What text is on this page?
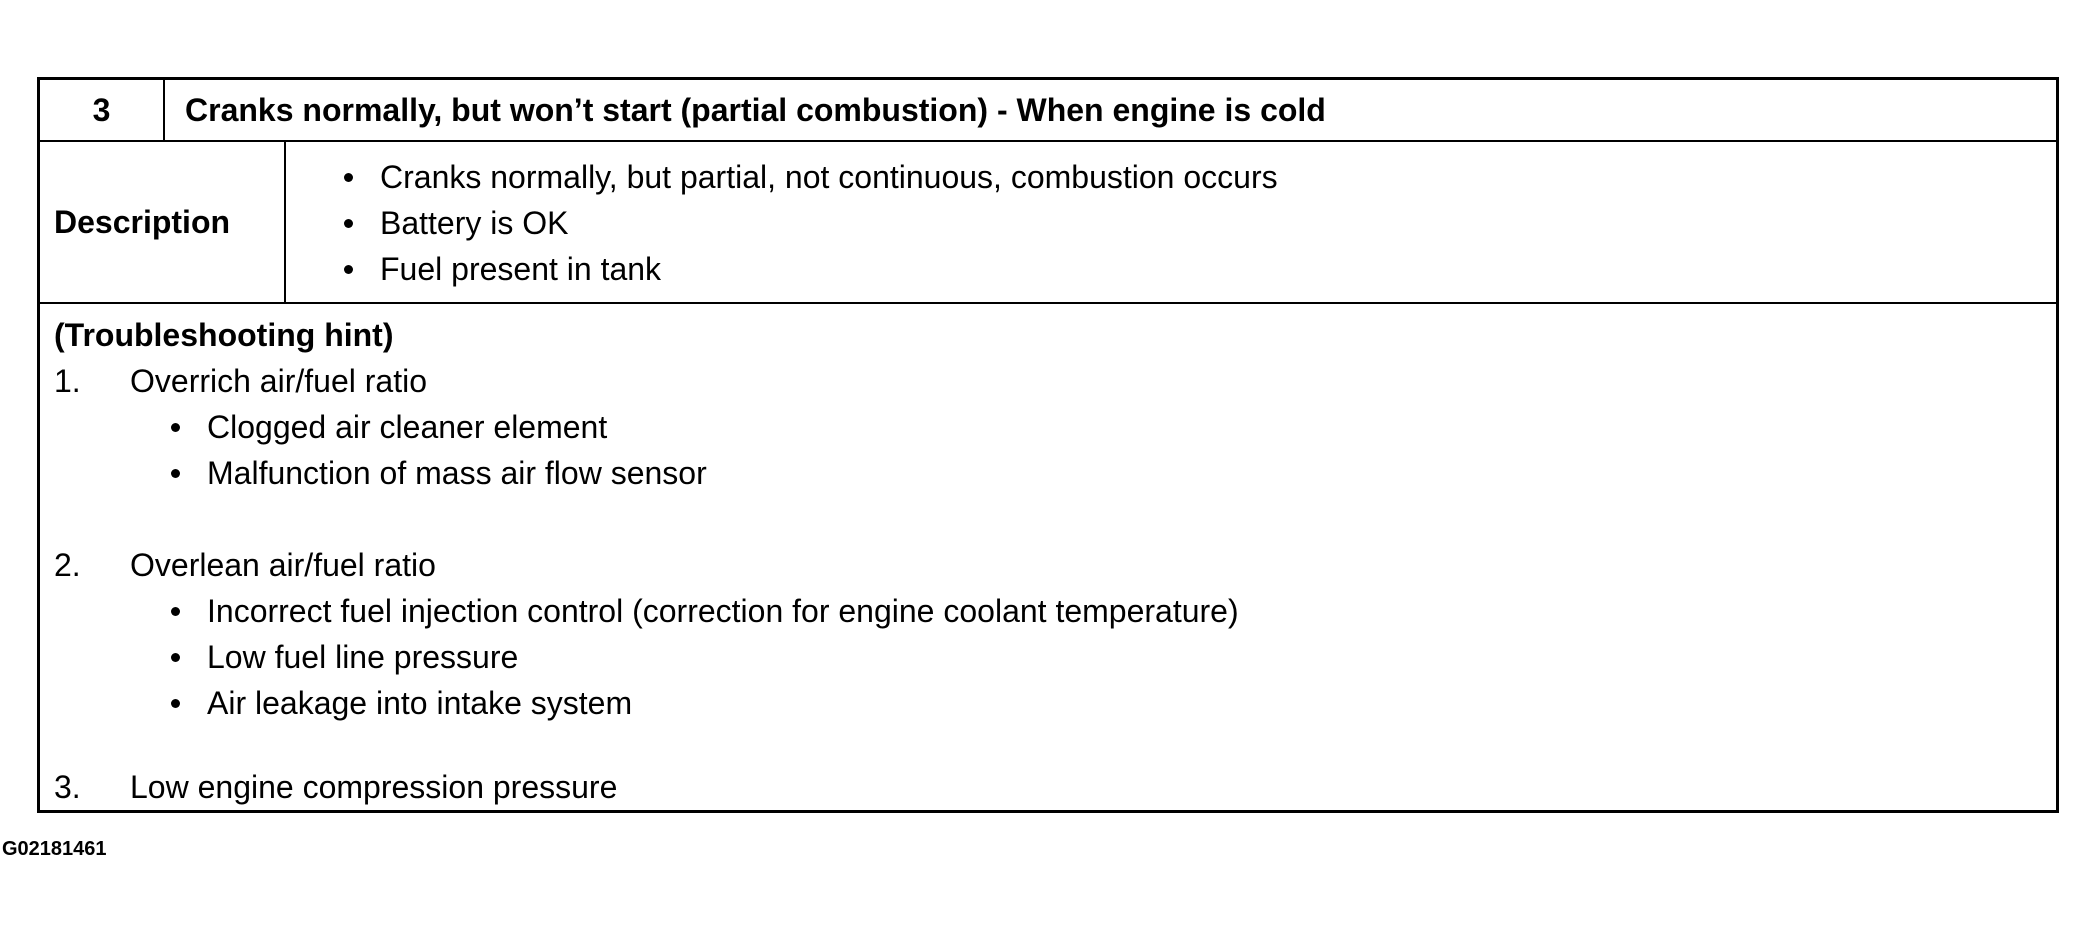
3	Cranks normally, but won’t start (partial combustion) - When engine is cold
Description
Cranks normally, but partial, not continuous, combustion occurs
Battery is OK
Fuel present in tank
(Troubleshooting hint)
1. Overrich air/fuel ratio
Clogged air cleaner element
Malfunction of mass air flow sensor
2. Overlean air/fuel ratio
Incorrect fuel injection control (correction for engine coolant temperature)
Low fuel line pressure
Air leakage into intake system
3. Low engine compression pressure
G02181461
